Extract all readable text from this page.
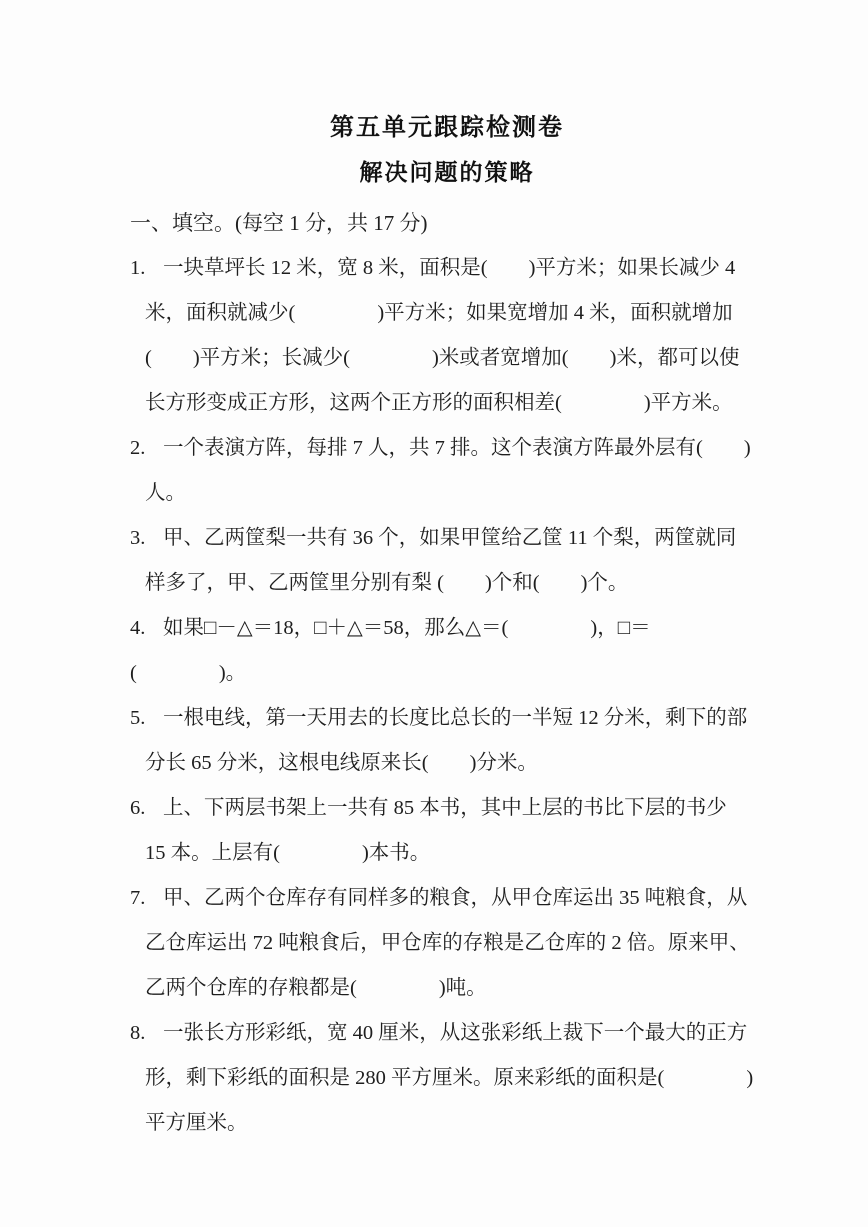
第五单元跟踪检测卷
解决问题的策略
一、填空。(每空 1 分，共 17 分)
1. 一块草坪长 12 米，宽 8 米，面积是(　　)平方米；如果长减少 4
米，面积就减少(　　　　)平方米；如果宽增加 4 米，面积就增加
(　　)平方米；长减少(　　　　)米或者宽增加(　　)米，都可以使
长方形变成正方形，这两个正方形的面积相差(　　　　)平方米。
2. 一个表演方阵，每排 7 人，共 7 排。这个表演方阵最外层有(　　)
人。
3. 甲、乙两筐梨一共有 36 个，如果甲筐给乙筐 11 个梨，两筐就同
样多了，甲、乙两筐里分别有梨 (　　)个和(　　)个。
4. 如果□－△＝18，□＋△＝58，那么△＝(　　　　)，□＝(　　　　)。
5. 一根电线，第一天用去的长度比总长的一半短 12 分米，剩下的部
分长 65 分米，这根电线原来长(　　)分米。
6. 上、下两层书架上一共有 85 本书，其中上层的书比下层的书少
15 本。上层有(　　　　)本书。
7. 甲、乙两个仓库存有同样多的粮食，从甲仓库运出 35 吨粮食，从
乙仓库运出 72 吨粮食后，甲仓库的存粮是乙仓库的 2 倍。原来甲、
乙两个仓库的存粮都是(　　　　)吨。
8. 一张长方形彩纸，宽 40 厘米，从这张彩纸上裁下一个最大的正方
形，剩下彩纸的面积是 280 平方厘米。原来彩纸的面积是(　　　　)
平方厘米。
